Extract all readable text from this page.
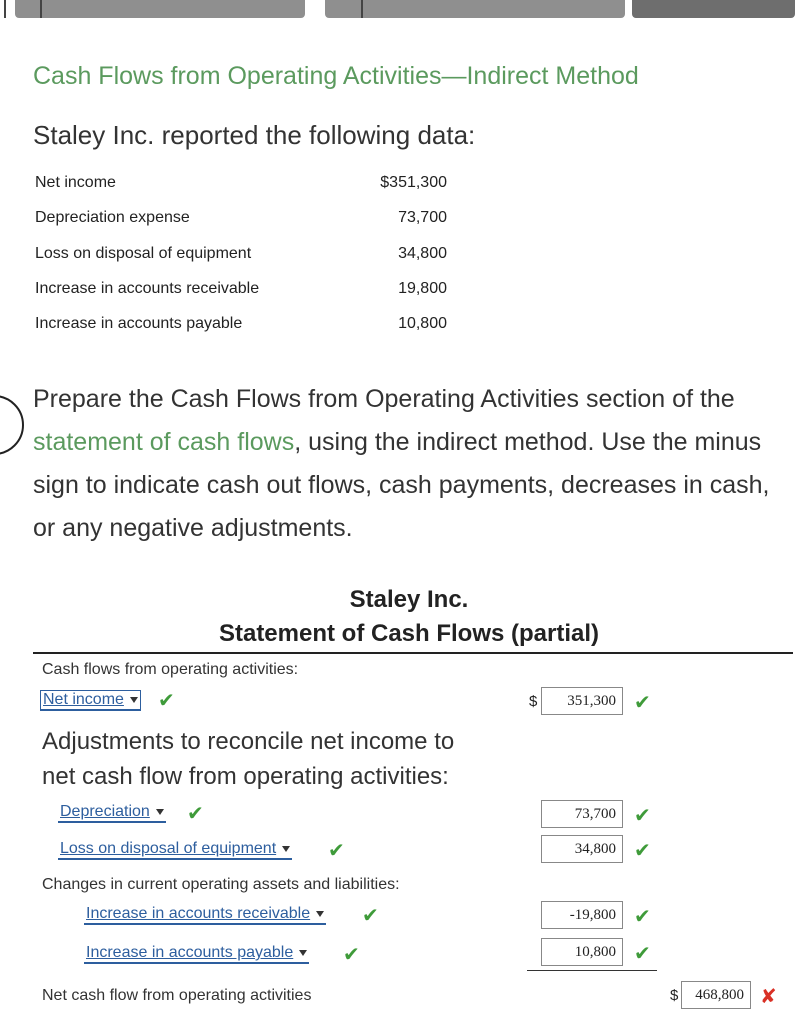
Cash Flows from Operating Activities—Indirect Method
Staley Inc. reported the following data:
Net income	$351,300
Depreciation expense	73,700
Loss on disposal of equipment	34,800
Increase in accounts receivable	19,800
Increase in accounts payable	10,800
Prepare the Cash Flows from Operating Activities section of the statement of cash flows, using the indirect method. Use the minus sign to indicate cash out flows, cash payments, decreases in cash, or any negative adjustments.
Staley Inc.
Statement of Cash Flows (partial)
Cash flows from operating activities:
Net income	✔	$	351,300 ✔
Adjustments to reconcile net income to
net cash flow from operating activities:
Depreciation	✔	73,700 ✔
Loss on disposal of equipment	✔	34,800 ✔
Changes in current operating assets and liabilities:
Increase in accounts receivable	✔	-19,800 ✔
Increase in accounts payable	✔	10,800 ✔
Net cash flow from operating activities	$	468,800 ✘
